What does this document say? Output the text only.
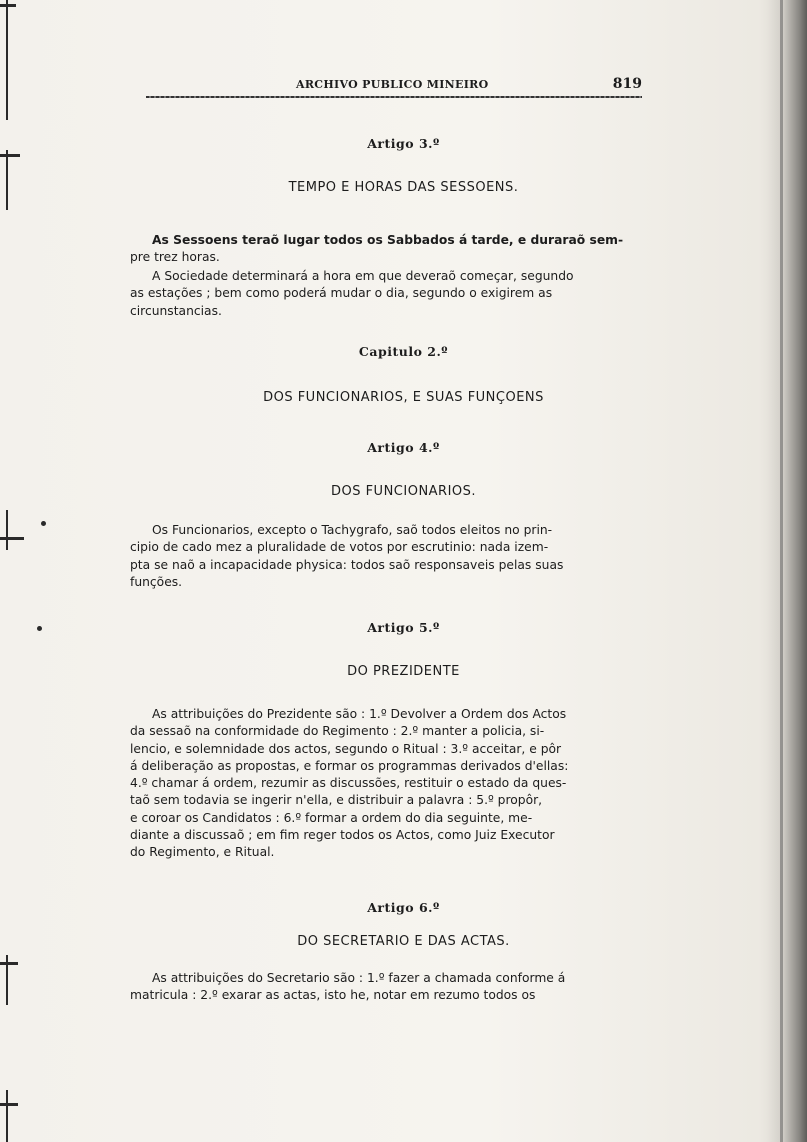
ARCHIVO PUBLICO MINEIRO	819
Artigo 3.º
TEMPO E HORAS DAS SESSOENS.
As Sessoens teraõ lugar todos os Sabbados á tarde, e duraraõ sem-
pre trez horas.
A Sociedade determinará a hora em que deveraõ começar, segundo
as estações ; bem como poderá mudar o dia, segundo o exigirem as
circunstancias.
Capitulo 2.º
DOS FUNCIONARIOS, E SUAS FUNÇOENS
Artigo 4.º
DOS FUNCIONARIOS.
Os Funcionarios, excepto o Tachygrafo, saõ todos eleitos no prin-
cipio de cado mez a pluralidade de votos por escrutinio: nada izem-
pta se naõ a incapacidade physica: todos saõ responsaveis pelas suas
funções.
Artigo 5.º
DO PREZIDENTE
As attribuições do Prezidente são : 1.º Devolver a Ordem dos Actos
da sessaõ na conformidade do Regimento : 2.º manter a policia, si-
lencio, e solemnidade dos actos, segundo o Ritual : 3.º acceitar, e pôr
á deliberação as propostas, e formar os programmas derivados d'ellas:
4.º chamar á ordem, rezumir as discussões, restituir o estado da ques-
taõ sem todavia se ingerir n'ella, e distribuir a palavra : 5.º propôr,
e coroar os Candidatos : 6.º formar a ordem do dia seguinte, me-
diante a discussaõ ; em fim reger todos os Actos, como Juiz Executor
do Regimento, e Ritual.
Artigo 6.º
DO SECRETARIO E DAS ACTAS.
As attribuições do Secretario são : 1.º fazer a chamada conforme á
matricula : 2.º exarar as actas, isto he, notar em rezumo todos os
